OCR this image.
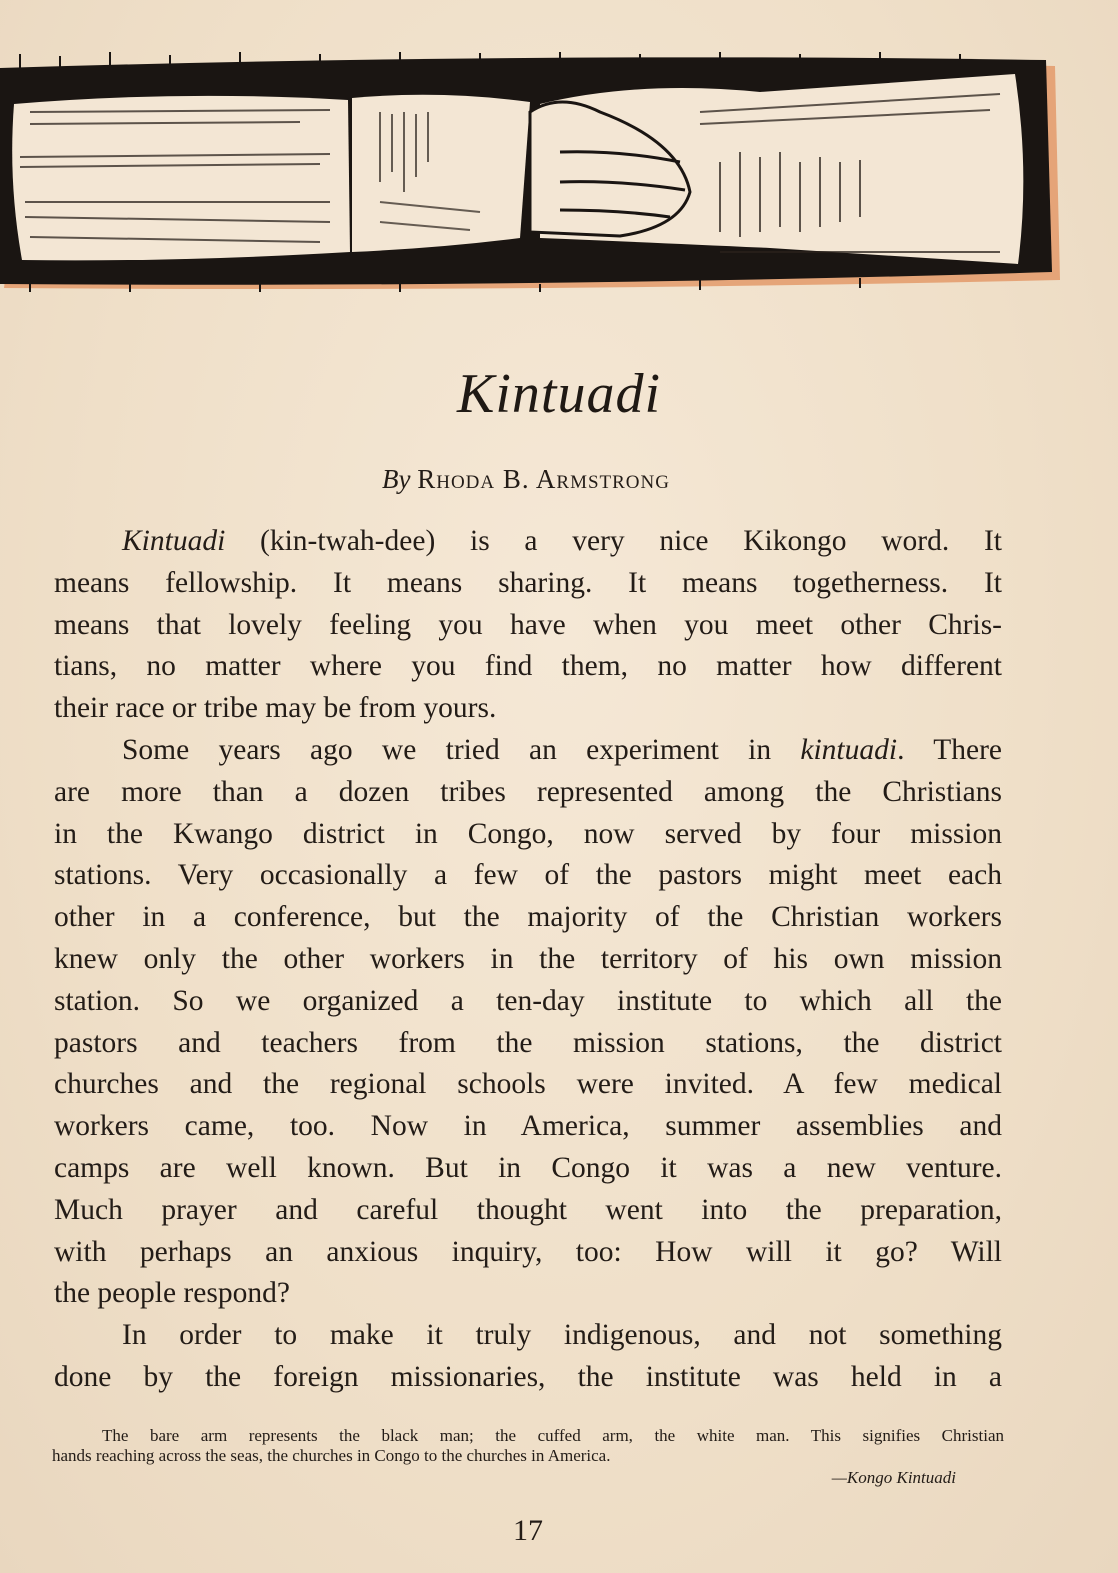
Kintuadi
By Rhoda B. Armstrong

Kintuadi (kin-twah-dee) is a very nice Kikongo word. It
means fellowship. It means sharing. It means togetherness. It
means that lovely feeling you have when you meet other Chris-
tians, no matter where you find them, no matter how different
their race or tribe may be from yours.

Some years ago we tried an experiment in kintuadi. There
are more than a dozen tribes represented among the Christians
in the Kwango district in Congo, now served by four mission
stations. Very occasionally a few of the pastors might meet each
other in a conference, but the majority of the Christian workers
knew only the other workers in the territory of his own mission
station. So we organized a ten-day institute to which all the
pastors and teachers from the mission stations, the district
churches and the regional schools were invited. A few medical
workers came, too. Now in America, summer assemblies and
camps are well known. But in Congo it was a new venture.
Much prayer and careful thought went into the preparation,
with perhaps an anxious inquiry, too: How will it go? Will
the people respond?

In order to make it truly indigenous, and not something
done by the foreign missionaries, the institute was held in a

The bare arm represents the black man; the cuffed arm, the white man. This signifies Christian
hands reaching across the seas, the churches in Congo to the churches in America.
—Kongo Kintuadi
17
